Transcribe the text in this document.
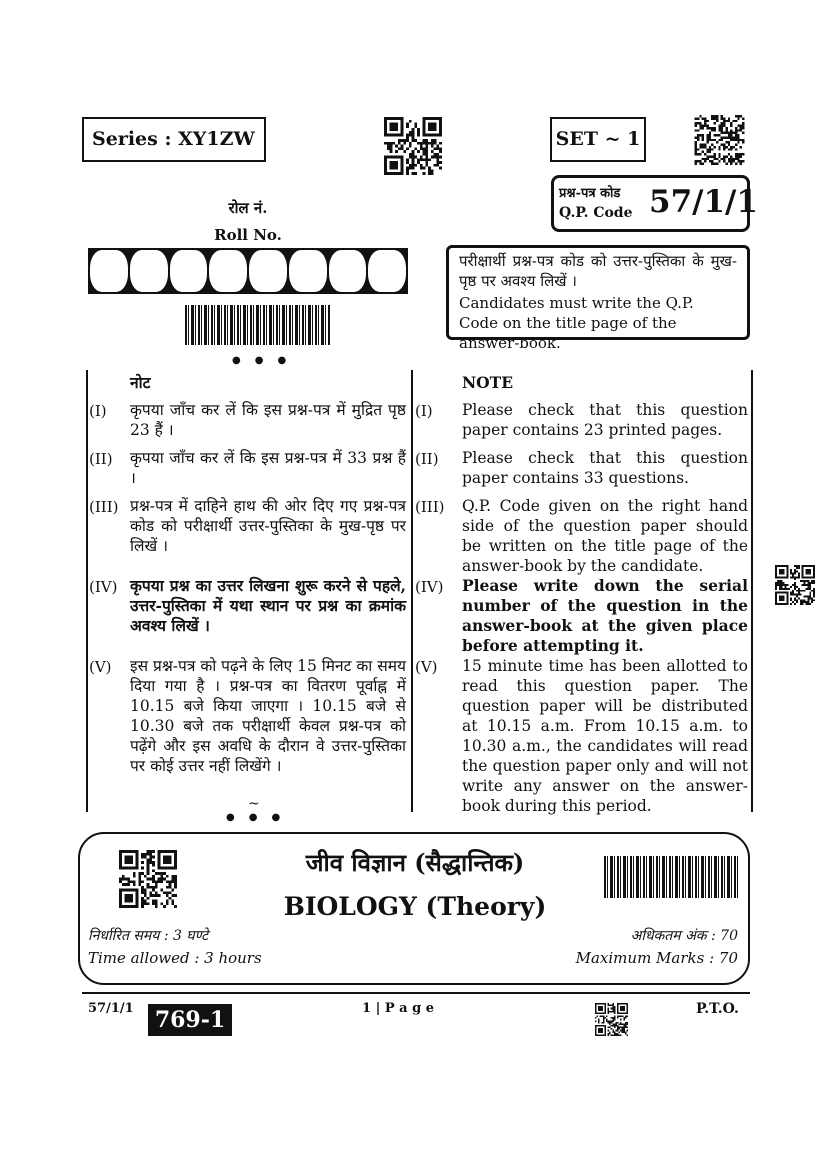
Series : XY1ZW	SET ~ 1
प्रश्न-पत्र कोड
Q.P. Code 57/1/1
रोल नं.
Roll No.
●●●
परीक्षार्थी प्रश्न-पत्र कोड को उत्तर-पुस्तिका के मुख-पृष्ठ पर अवश्य लिखें ।
Candidates must write the Q.P. Code on the title page of the answer-book.
नोट	NOTE
(I) कृपया जाँच कर लें कि इस प्रश्न-पत्र में मुद्रित पृष्ठ 23 हैं ।
(I) Please check that this question paper contains 23 printed pages.
(II) कृपया जाँच कर लें कि इस प्रश्न-पत्र में 33 प्रश्न हैं ।
(II) Please check that this question paper contains 33 questions.
(III) प्रश्न-पत्र में दाहिने हाथ की ओर दिए गए प्रश्न-पत्र कोड को परीक्षार्थी उत्तर-पुस्तिका के मुख-पृष्ठ पर लिखें ।
(III) Q.P. Code given on the right hand side of the question paper should be written on the title page of the answer-book by the candidate.
(IV) कृपया प्रश्न का उत्तर लिखना शुरू करने से पहले, उत्तर-पुस्तिका में यथा स्थान पर प्रश्न का क्रमांक अवश्य लिखें ।
(IV) Please write down the serial number of the question in the answer-book at the given place before attempting it.
(V) इस प्रश्न-पत्र को पढ़ने के लिए 15 मिनट का समय दिया गया है । प्रश्न-पत्र का वितरण पूर्वाह्न में 10.15 बजे किया जाएगा । 10.15 बजे से 10.30 बजे तक परीक्षार्थी केवल प्रश्न-पत्र को पढ़ेंगे और इस अवधि के दौरान वे उत्तर-पुस्तिका पर कोई उत्तर नहीं लिखेंगे ।
(V) 15 minute time has been allotted to read this question paper. The question paper will be distributed at 10.15 a.m. From 10.15 a.m. to 10.30 a.m., the candidates will read the question paper only and will not write any answer on the answer-book during this period.
~
●●●
जीव विज्ञान (सैद्धान्तिक)
BIOLOGY (Theory)
निर्धारित समय : 3 घण्टे
Time allowed : 3 hours
अधिकतम अंक : 70
Maximum Marks : 70
57/1/1 769-1	1 | P a g e	P.T.O.
